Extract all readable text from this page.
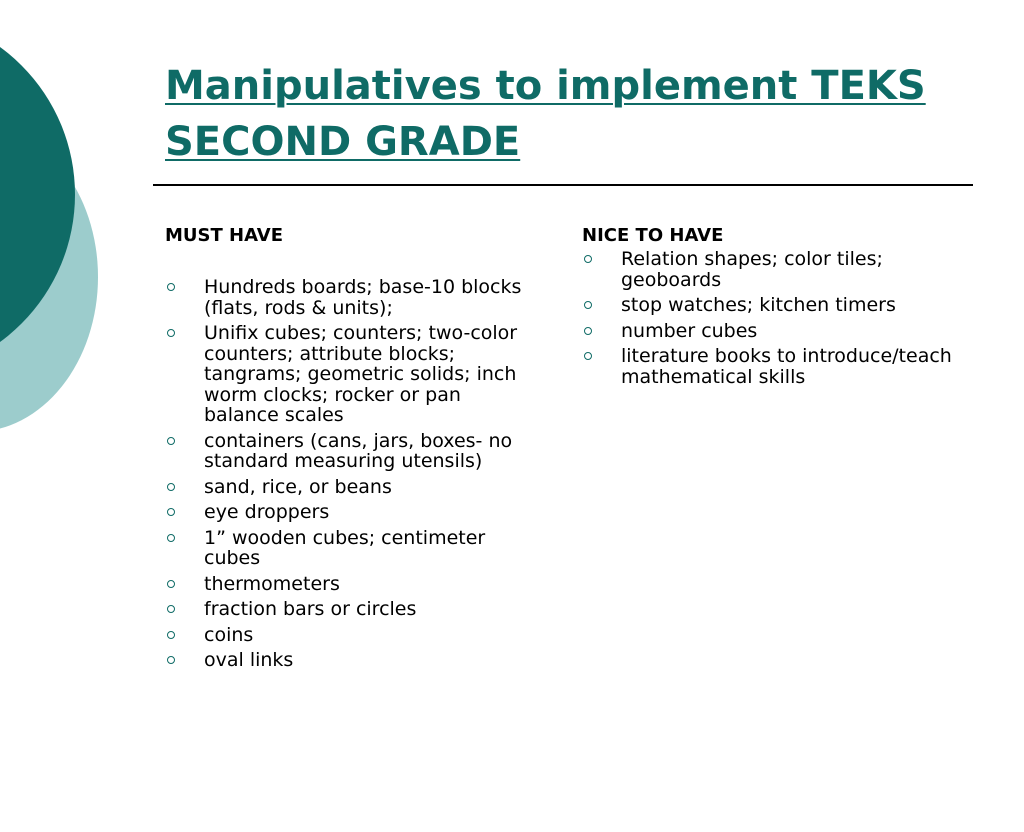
Manipulatives to implement TEKS
SECOND GRADE

MUST HAVE

Hundreds boards; base-10 blocks (flats, rods & units);
Unifix cubes; counters; two-color counters; attribute blocks; tangrams; geometric solids; inch worm clocks; rocker or pan balance scales
containers (cans, jars, boxes- no standard measuring utensils)
sand, rice, or beans
eye droppers
1” wooden cubes; centimeter cubes
thermometers
fraction bars or circles
coins
oval links

NICE TO HAVE

Relation shapes; color tiles; geoboards
stop watches; kitchen timers
number cubes
literature books to introduce/teach mathematical skills
